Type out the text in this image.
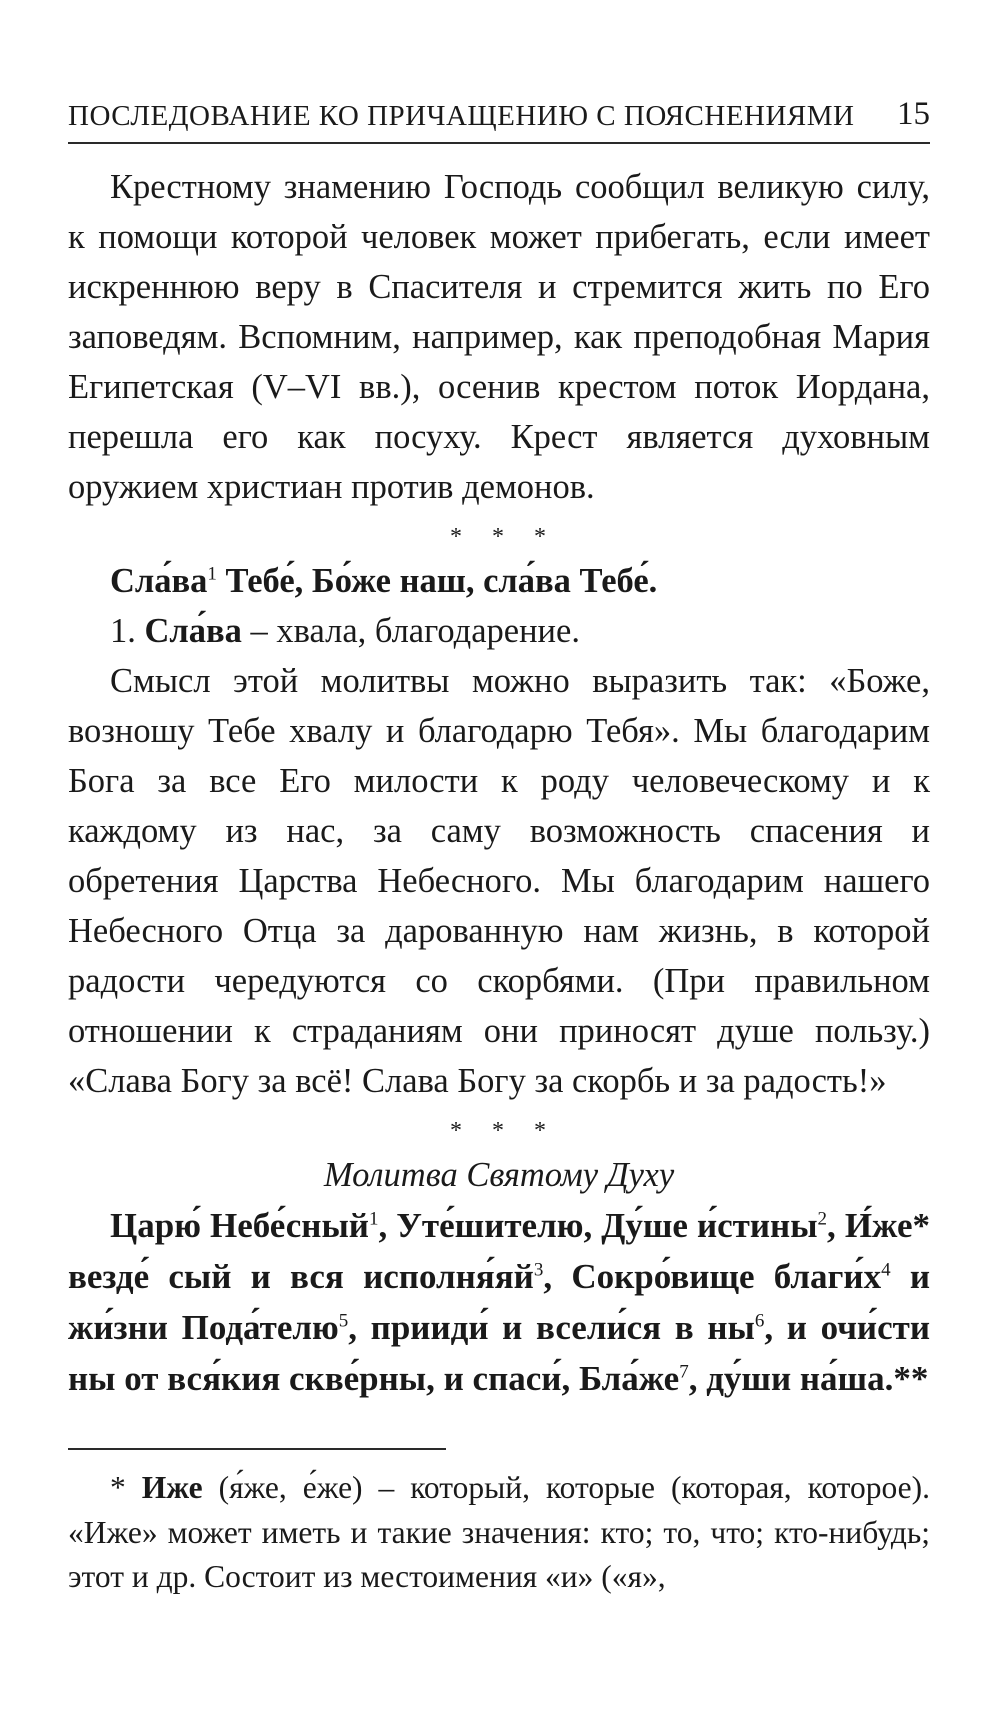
ПОСЛЕДОВАНИЕ КО ПРИЧАЩЕНИЮ С ПОЯСНЕНИЯМИ 15

Крестному знамению Господь сообщил великую силу, к помощи которой человек может прибегать, если имеет искреннюю веру в Спасителя и стремится жить по Его заповедям. Вспомним, например, как преподобная Мария Египетская (V–VI вв.), осенив крестом поток Иордана, перешла его как посуху. Крест является духовным оружием христиан против демонов.

* * *

$Сла́ва^1$ Тебе́, Бо́же наш, сла́ва Тебе́.

1. Сла́ва – хвала, благодарение.

Смысл этой молитвы можно выразить так: «Боже, возношу Тебе хвалу и благодарю Тебя». Мы благодарим Бога за все Его милости к роду человеческому и к каждому из нас, за саму возможность спасения и обретения Царства Небесного. Мы благодарим нашего Небесного Отца за дарованную нам жизнь, в которой радости чередуются со скорбями. (При правильном отношении к страданиям они приносят душе пользу.) «Слава Богу за всё! Слава Богу за скорбь и за радость!»

* * *

Молитва Святому Духу

Царю́ Небе́сный$^1$, Уте́шителю, Ду́ше и́стины$^2$, И́же* везде́ сый и вся $исполня́яй^3$, Сокро́вище $благи́х^4$ и жи́зни Пода́телю$^5$, прииди́ и всели́ся в $ны^6$, и очи́сти ны от вся́кия скве́рны, и спаси́, $Бла́же^7$, ду́ши на́ша.**

* Иже (я́же, е́же) – который, которые (которая, которое). «Иже» может иметь и такие значения: кто; то, что; кто-нибудь; этот и др. Состоит из местоимения «и» («я»,
